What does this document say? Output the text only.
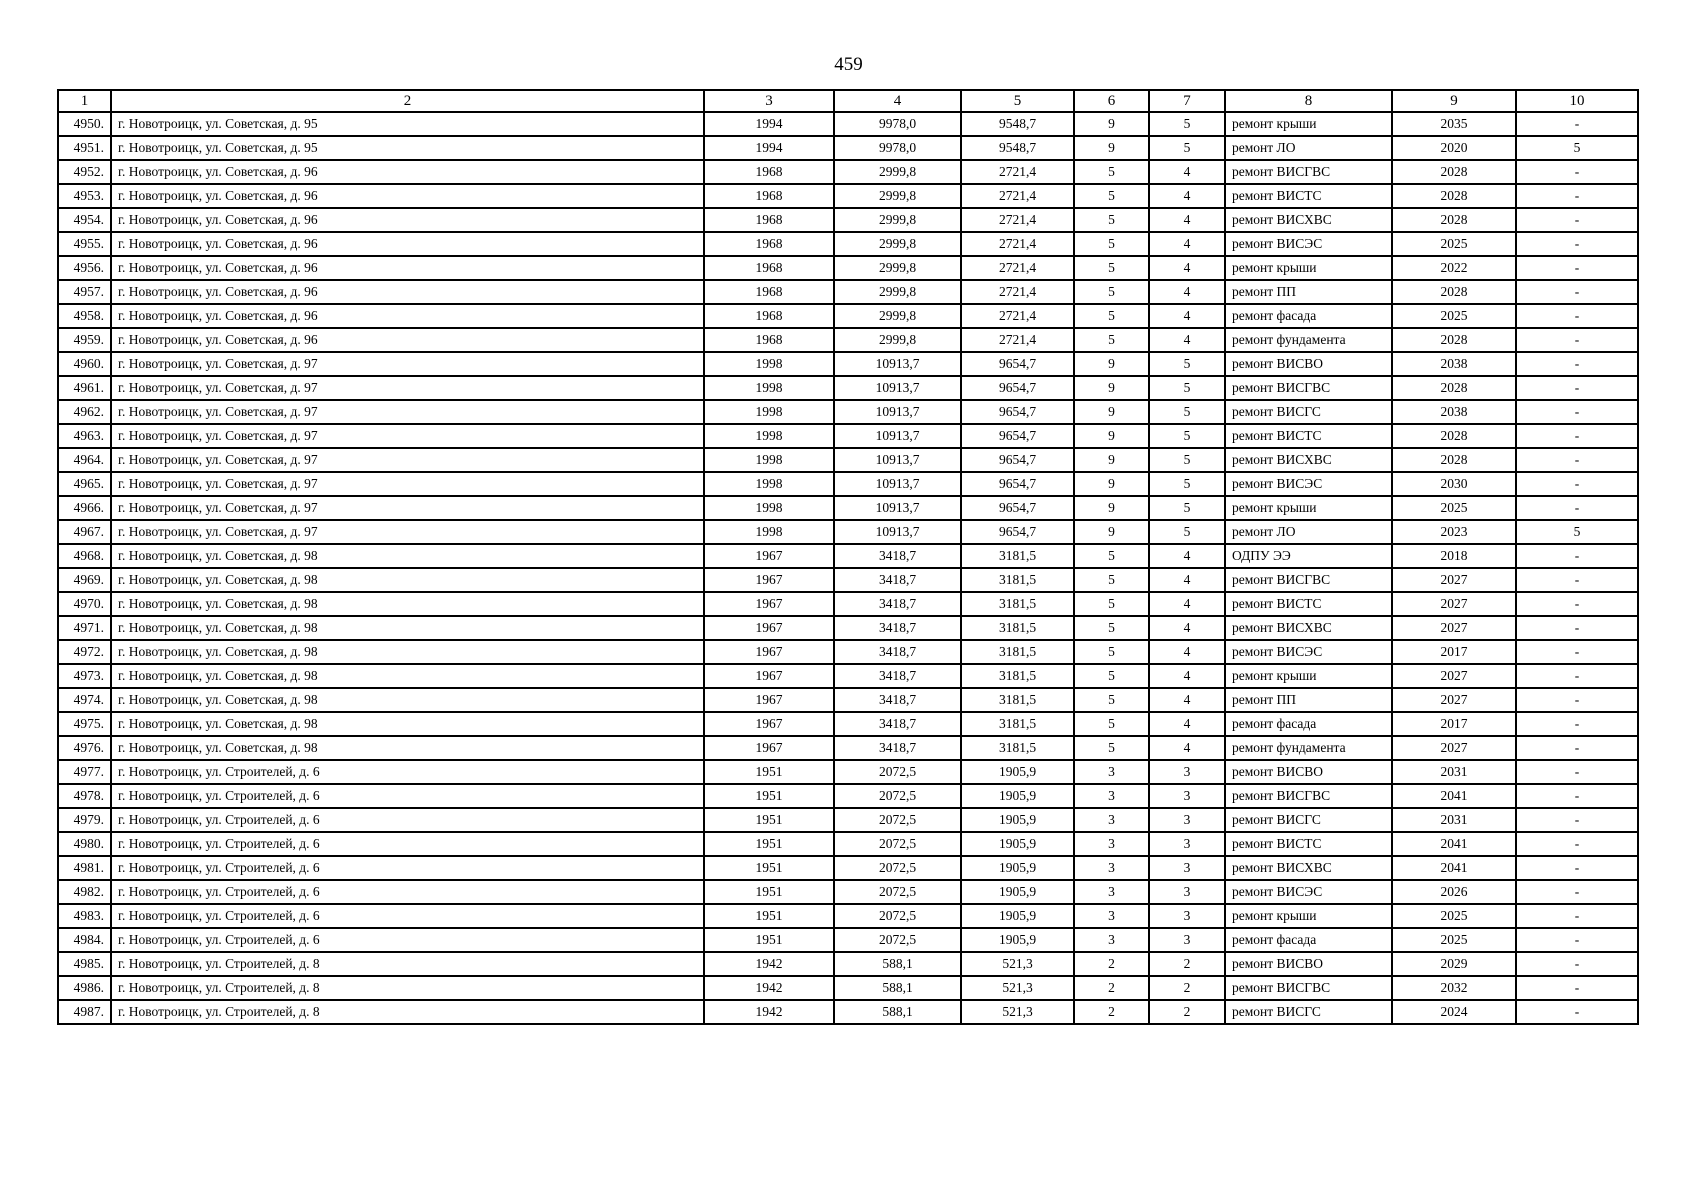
459
1	2	3	4	5	6	7	8	9	10
4950.	г. Новотроицк, ул. Советская, д. 95	1994	9978,0	9548,7	9	5	ремонт крыши	2035	-
4951.	г. Новотроицк, ул. Советская, д. 95	1994	9978,0	9548,7	9	5	ремонт ЛО	2020	5
4952.	г. Новотроицк, ул. Советская, д. 96	1968	2999,8	2721,4	5	4	ремонт ВИСГВС	2028	-
4953.	г. Новотроицк, ул. Советская, д. 96	1968	2999,8	2721,4	5	4	ремонт ВИСТС	2028	-
4954.	г. Новотроицк, ул. Советская, д. 96	1968	2999,8	2721,4	5	4	ремонт ВИСХВС	2028	-
4955.	г. Новотроицк, ул. Советская, д. 96	1968	2999,8	2721,4	5	4	ремонт ВИСЭС	2025	-
4956.	г. Новотроицк, ул. Советская, д. 96	1968	2999,8	2721,4	5	4	ремонт крыши	2022	-
4957.	г. Новотроицк, ул. Советская, д. 96	1968	2999,8	2721,4	5	4	ремонт ПП	2028	-
4958.	г. Новотроицк, ул. Советская, д. 96	1968	2999,8	2721,4	5	4	ремонт фасада	2025	-
4959.	г. Новотроицк, ул. Советская, д. 96	1968	2999,8	2721,4	5	4	ремонт фундамента	2028	-
4960.	г. Новотроицк, ул. Советская, д. 97	1998	10913,7	9654,7	9	5	ремонт ВИСВО	2038	-
4961.	г. Новотроицк, ул. Советская, д. 97	1998	10913,7	9654,7	9	5	ремонт ВИСГВС	2028	-
4962.	г. Новотроицк, ул. Советская, д. 97	1998	10913,7	9654,7	9	5	ремонт ВИСГС	2038	-
4963.	г. Новотроицк, ул. Советская, д. 97	1998	10913,7	9654,7	9	5	ремонт ВИСТС	2028	-
4964.	г. Новотроицк, ул. Советская, д. 97	1998	10913,7	9654,7	9	5	ремонт ВИСХВС	2028	-
4965.	г. Новотроицк, ул. Советская, д. 97	1998	10913,7	9654,7	9	5	ремонт ВИСЭС	2030	-
4966.	г. Новотроицк, ул. Советская, д. 97	1998	10913,7	9654,7	9	5	ремонт крыши	2025	-
4967.	г. Новотроицк, ул. Советская, д. 97	1998	10913,7	9654,7	9	5	ремонт ЛО	2023	5
4968.	г. Новотроицк, ул. Советская, д. 98	1967	3418,7	3181,5	5	4	ОДПУ ЭЭ	2018	-
4969.	г. Новотроицк, ул. Советская, д. 98	1967	3418,7	3181,5	5	4	ремонт ВИСГВС	2027	-
4970.	г. Новотроицк, ул. Советская, д. 98	1967	3418,7	3181,5	5	4	ремонт ВИСТС	2027	-
4971.	г. Новотроицк, ул. Советская, д. 98	1967	3418,7	3181,5	5	4	ремонт ВИСХВС	2027	-
4972.	г. Новотроицк, ул. Советская, д. 98	1967	3418,7	3181,5	5	4	ремонт ВИСЭС	2017	-
4973.	г. Новотроицк, ул. Советская, д. 98	1967	3418,7	3181,5	5	4	ремонт крыши	2027	-
4974.	г. Новотроицк, ул. Советская, д. 98	1967	3418,7	3181,5	5	4	ремонт ПП	2027	-
4975.	г. Новотроицк, ул. Советская, д. 98	1967	3418,7	3181,5	5	4	ремонт фасада	2017	-
4976.	г. Новотроицк, ул. Советская, д. 98	1967	3418,7	3181,5	5	4	ремонт фундамента	2027	-
4977.	г. Новотроицк, ул. Строителей, д. 6	1951	2072,5	1905,9	3	3	ремонт ВИСВО	2031	-
4978.	г. Новотроицк, ул. Строителей, д. 6	1951	2072,5	1905,9	3	3	ремонт ВИСГВС	2041	-
4979.	г. Новотроицк, ул. Строителей, д. 6	1951	2072,5	1905,9	3	3	ремонт ВИСГС	2031	-
4980.	г. Новотроицк, ул. Строителей, д. 6	1951	2072,5	1905,9	3	3	ремонт ВИСТС	2041	-
4981.	г. Новотроицк, ул. Строителей, д. 6	1951	2072,5	1905,9	3	3	ремонт ВИСХВС	2041	-
4982.	г. Новотроицк, ул. Строителей, д. 6	1951	2072,5	1905,9	3	3	ремонт ВИСЭС	2026	-
4983.	г. Новотроицк, ул. Строителей, д. 6	1951	2072,5	1905,9	3	3	ремонт крыши	2025	-
4984.	г. Новотроицк, ул. Строителей, д. 6	1951	2072,5	1905,9	3	3	ремонт фасада	2025	-
4985.	г. Новотроицк, ул. Строителей, д. 8	1942	588,1	521,3	2	2	ремонт ВИСВО	2029	-
4986.	г. Новотроицк, ул. Строителей, д. 8	1942	588,1	521,3	2	2	ремонт ВИСГВС	2032	-
4987.	г. Новотроицк, ул. Строителей, д. 8	1942	588,1	521,3	2	2	ремонт ВИСГС	2024	-
